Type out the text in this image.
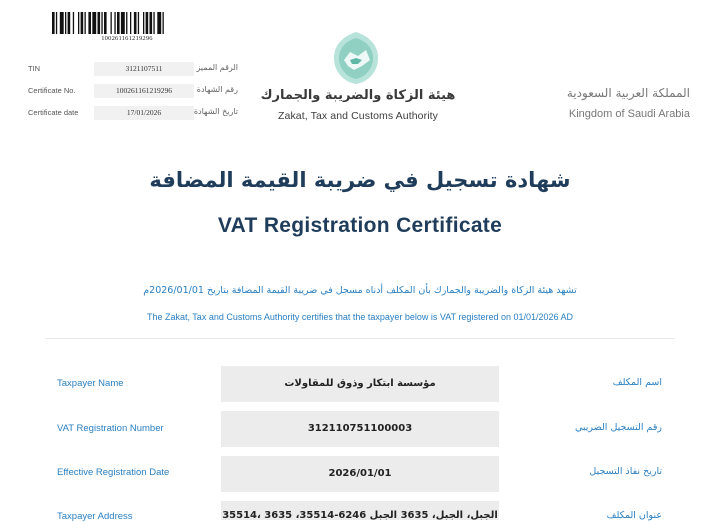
100261161219296
TIN	3121107511	الرقم المميز
Certificate No.	100261161219296	رقم الشهادة
Certificate date	17/01/2026	تاريخ الشهادة
هيئة الزكاة والضريبة والجمارك
Zakat, Tax and Customs Authority
المملكة العربية السعودية
Kingdom of Saudi Arabia
شهادة تسجيل في ضريبة القيمة المضافة
VAT Registration Certificate
تشهد هيئة الزكاة والضريبة والجمارك بأن المكلف أدناه مسجل في ضريبة القيمة المضافة بتاريخ 2026/01/01م
The Zakat, Tax and Customs Authority certifies that the taxpayer below is VAT registered on 01/01/2026 AD
Taxpayer Name	مؤسسة ابتكار وذوق للمقاولات	اسم المكلف
VAT Registration Number	312110751100003	رقم التسجيل الضريبي
Effective Registration Date	2026/01/01	تاريخ نفاذ التسجيل
Taxpayer Address	الجبل، الجبل، 3635 الجبل 6246-35514، 3635 ،35514	عنوان المكلف
